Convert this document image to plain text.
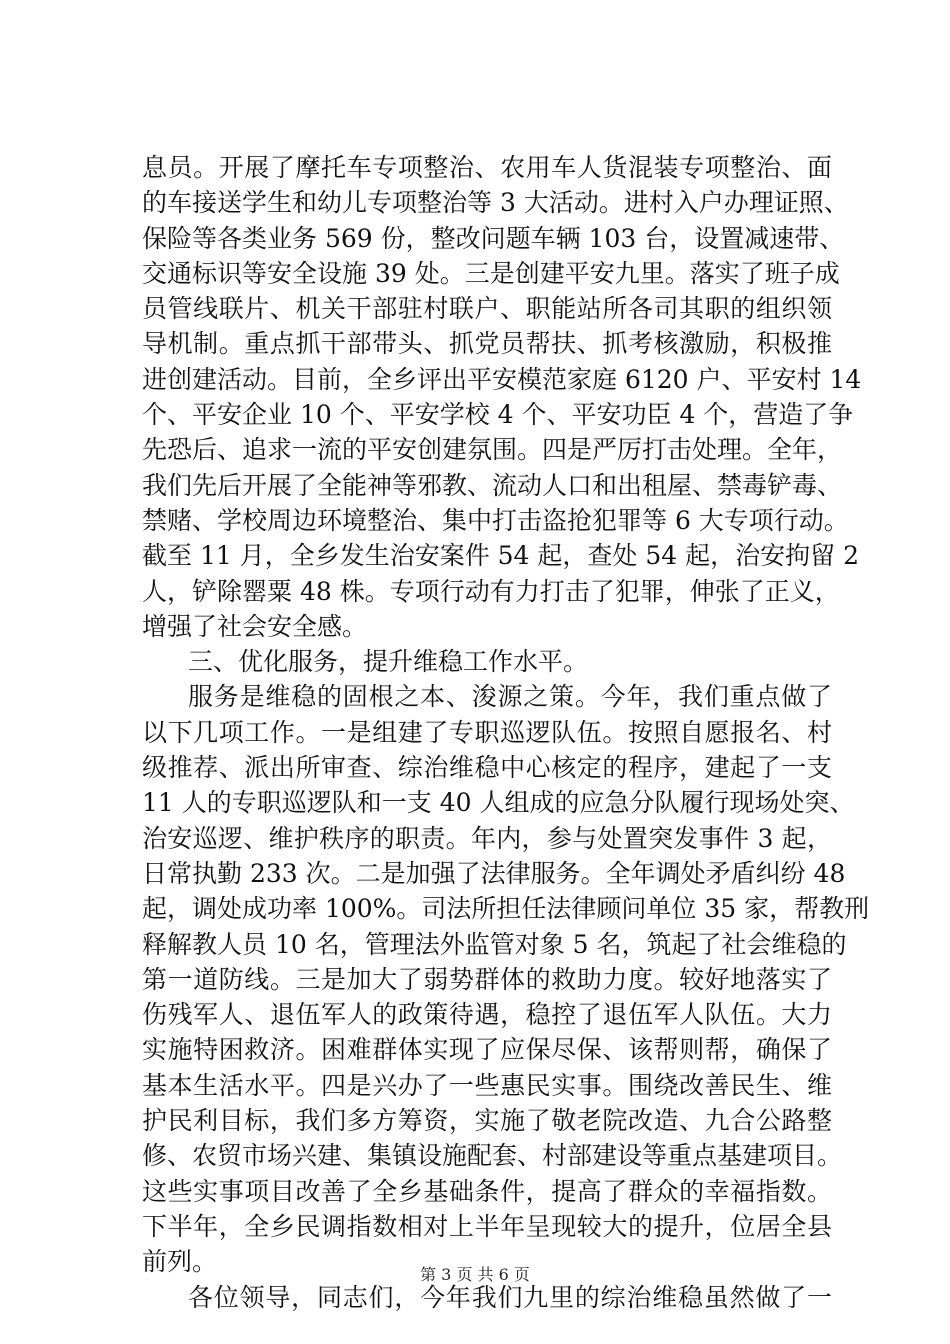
息员。开展了摩托车专项整治、农用车人货混装专项整治、面
的车接送学生和幼儿专项整治等 3 大活动。进村入户办理证照、
保险等各类业务 569 份，整改问题车辆 103 台，设置减速带、
交通标识等安全设施 39 处。三是创建平安九里。落实了班子成
员管线联片、机关干部驻村联户、职能站所各司其职的组织领
导机制。重点抓干部带头、抓党员帮扶、抓考核激励，积极推
进创建活动。目前，全乡评出平安模范家庭 6120 户、平安村 14
个、平安企业 10 个、平安学校 4 个、平安功臣 4 个，营造了争
先恐后、追求一流的平安创建氛围。四是严厉打击处理。全年，
我们先后开展了全能神等邪教、流动人口和出租屋、禁毒铲毒、
禁赌、学校周边环境整治、集中打击盗抢犯罪等 6 大专项行动。
截至 11 月，全乡发生治安案件 54 起，查处 54 起，治安拘留 2
人，铲除罂粟 48 株。专项行动有力打击了犯罪，伸张了正义，
增强了社会安全感。
三、优化服务，提升维稳工作水平。
服务是维稳的固根之本、浚源之策。今年，我们重点做了
以下几项工作。一是组建了专职巡逻队伍。按照自愿报名、村
级推荐、派出所审查、综治维稳中心核定的程序，建起了一支
11 人的专职巡逻队和一支 40 人组成的应急分队履行现场处突、
治安巡逻、维护秩序的职责。年内，参与处置突发事件 3 起，
日常执勤 233 次。二是加强了法律服务。全年调处矛盾纠纷 48
起，调处成功率 100%。司法所担任法律顾问单位 35 家，帮教刑
释解教人员 10 名，管理法外监管对象 5 名，筑起了社会维稳的
第一道防线。三是加大了弱势群体的救助力度。较好地落实了
伤残军人、退伍军人的政策待遇，稳控了退伍军人队伍。大力
实施特困救济。困难群体实现了应保尽保、该帮则帮，确保了
基本生活水平。四是兴办了一些惠民实事。围绕改善民生、维
护民利目标，我们多方筹资，实施了敬老院改造、九合公路整
修、农贸市场兴建、集镇设施配套、村部建设等重点基建项目。
这些实事项目改善了全乡基础条件，提高了群众的幸福指数。
下半年，全乡民调指数相对上半年呈现较大的提升，位居全县
前列。
各位领导，同志们，今年我们九里的综治维稳虽然做了一
第 3 页 共 6 页
